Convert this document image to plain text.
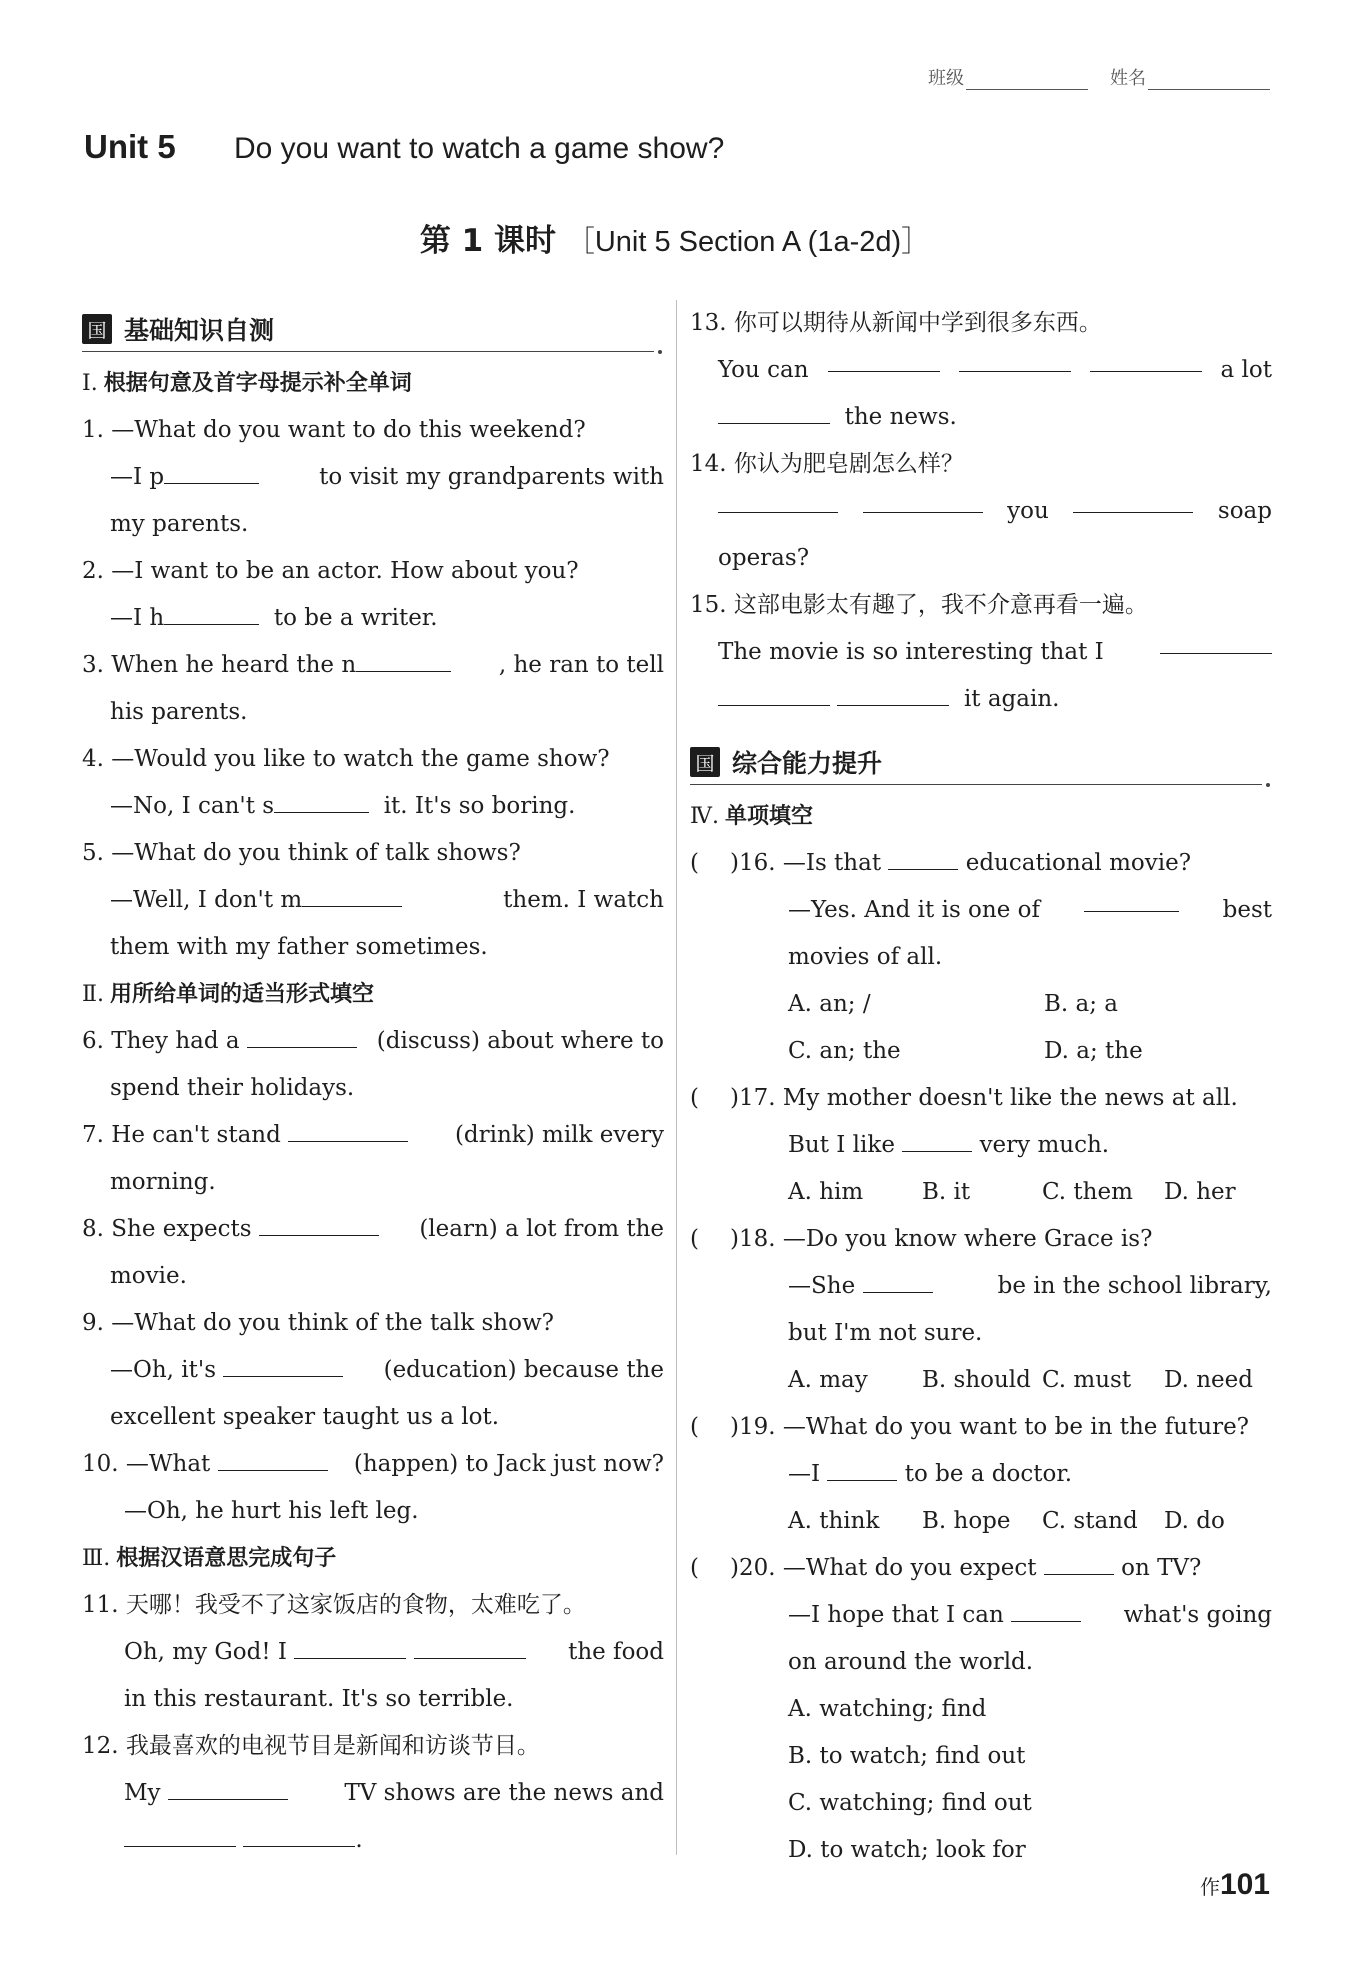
班级	姓名
Unit 5	Do you want to watch a game show?
第 1 课时 ［Unit 5 Section A (1a-2d)］
国 基础知识自测
Ⅰ. 根据句意及首字母提示补全单词
1. —What do you want to do this weekend?
—I p	to visit my grandparents with
my parents.
2. —I want to be an actor. How about you?
—I h	to be a writer.
3. When he heard the n	, he ran to tell
his parents.
4. —Would you like to watch the game show?
—No, I can't s	it. It's so boring.
5. —What do you think of talk shows?
—Well, I don't m	them. I watch
them with my father sometimes.
Ⅱ. 用所给单词的适当形式填空
6. They had a	(discuss) about where to
spend their holidays.
7. He can't stand	(drink) milk every
morning.
8. She expects	(learn) a lot from the
movie.
9. —What do you think of the talk show?
—Oh, it's	(education) because the
excellent speaker taught us a lot.
10. —What	(happen) to Jack just now?
—Oh, he hurt his left leg.
Ⅲ. 根据汉语意思完成句子
11. 天哪！我受不了这家饭店的食物，太难吃了。
Oh, my God! I	the food
in this restaurant. It's so terrible.
12. 我最喜欢的电视节目是新闻和访谈节目。
My	TV shows are the news and
.
13. 你可以期待从新闻中学到很多东西。
You can	a lot
the news.
14. 你认为肥皂剧怎么样？
you	soap
operas?
15. 这部电影太有趣了，我不介意再看一遍。
The movie is so interesting that I
it again.
国 综合能力提升
Ⅳ. 单项填空
( )16. —Is that	educational movie?
—Yes. And it is one of	best
movies of all.
A. an; /	B. a; a
C. an; the	D. a; the
( )17. My mother doesn't like the news at all.
But I like	very much.
A. him	B. it	C. them	D. her
( )18. —Do you know where Grace is?
—She	be in the school library,
but I'm not sure.
A. may	B. should C. must	D. need
( )19. —What do you want to be in the future?
—I	to be a doctor.
A. think	B. hope	C. stand	D. do
( )20. —What do you expect	on TV?
—I hope that I can	what's going
on around the world.
A. watching; find
B. to watch; find out
C. watching; find out
D. to watch; look for
作101
